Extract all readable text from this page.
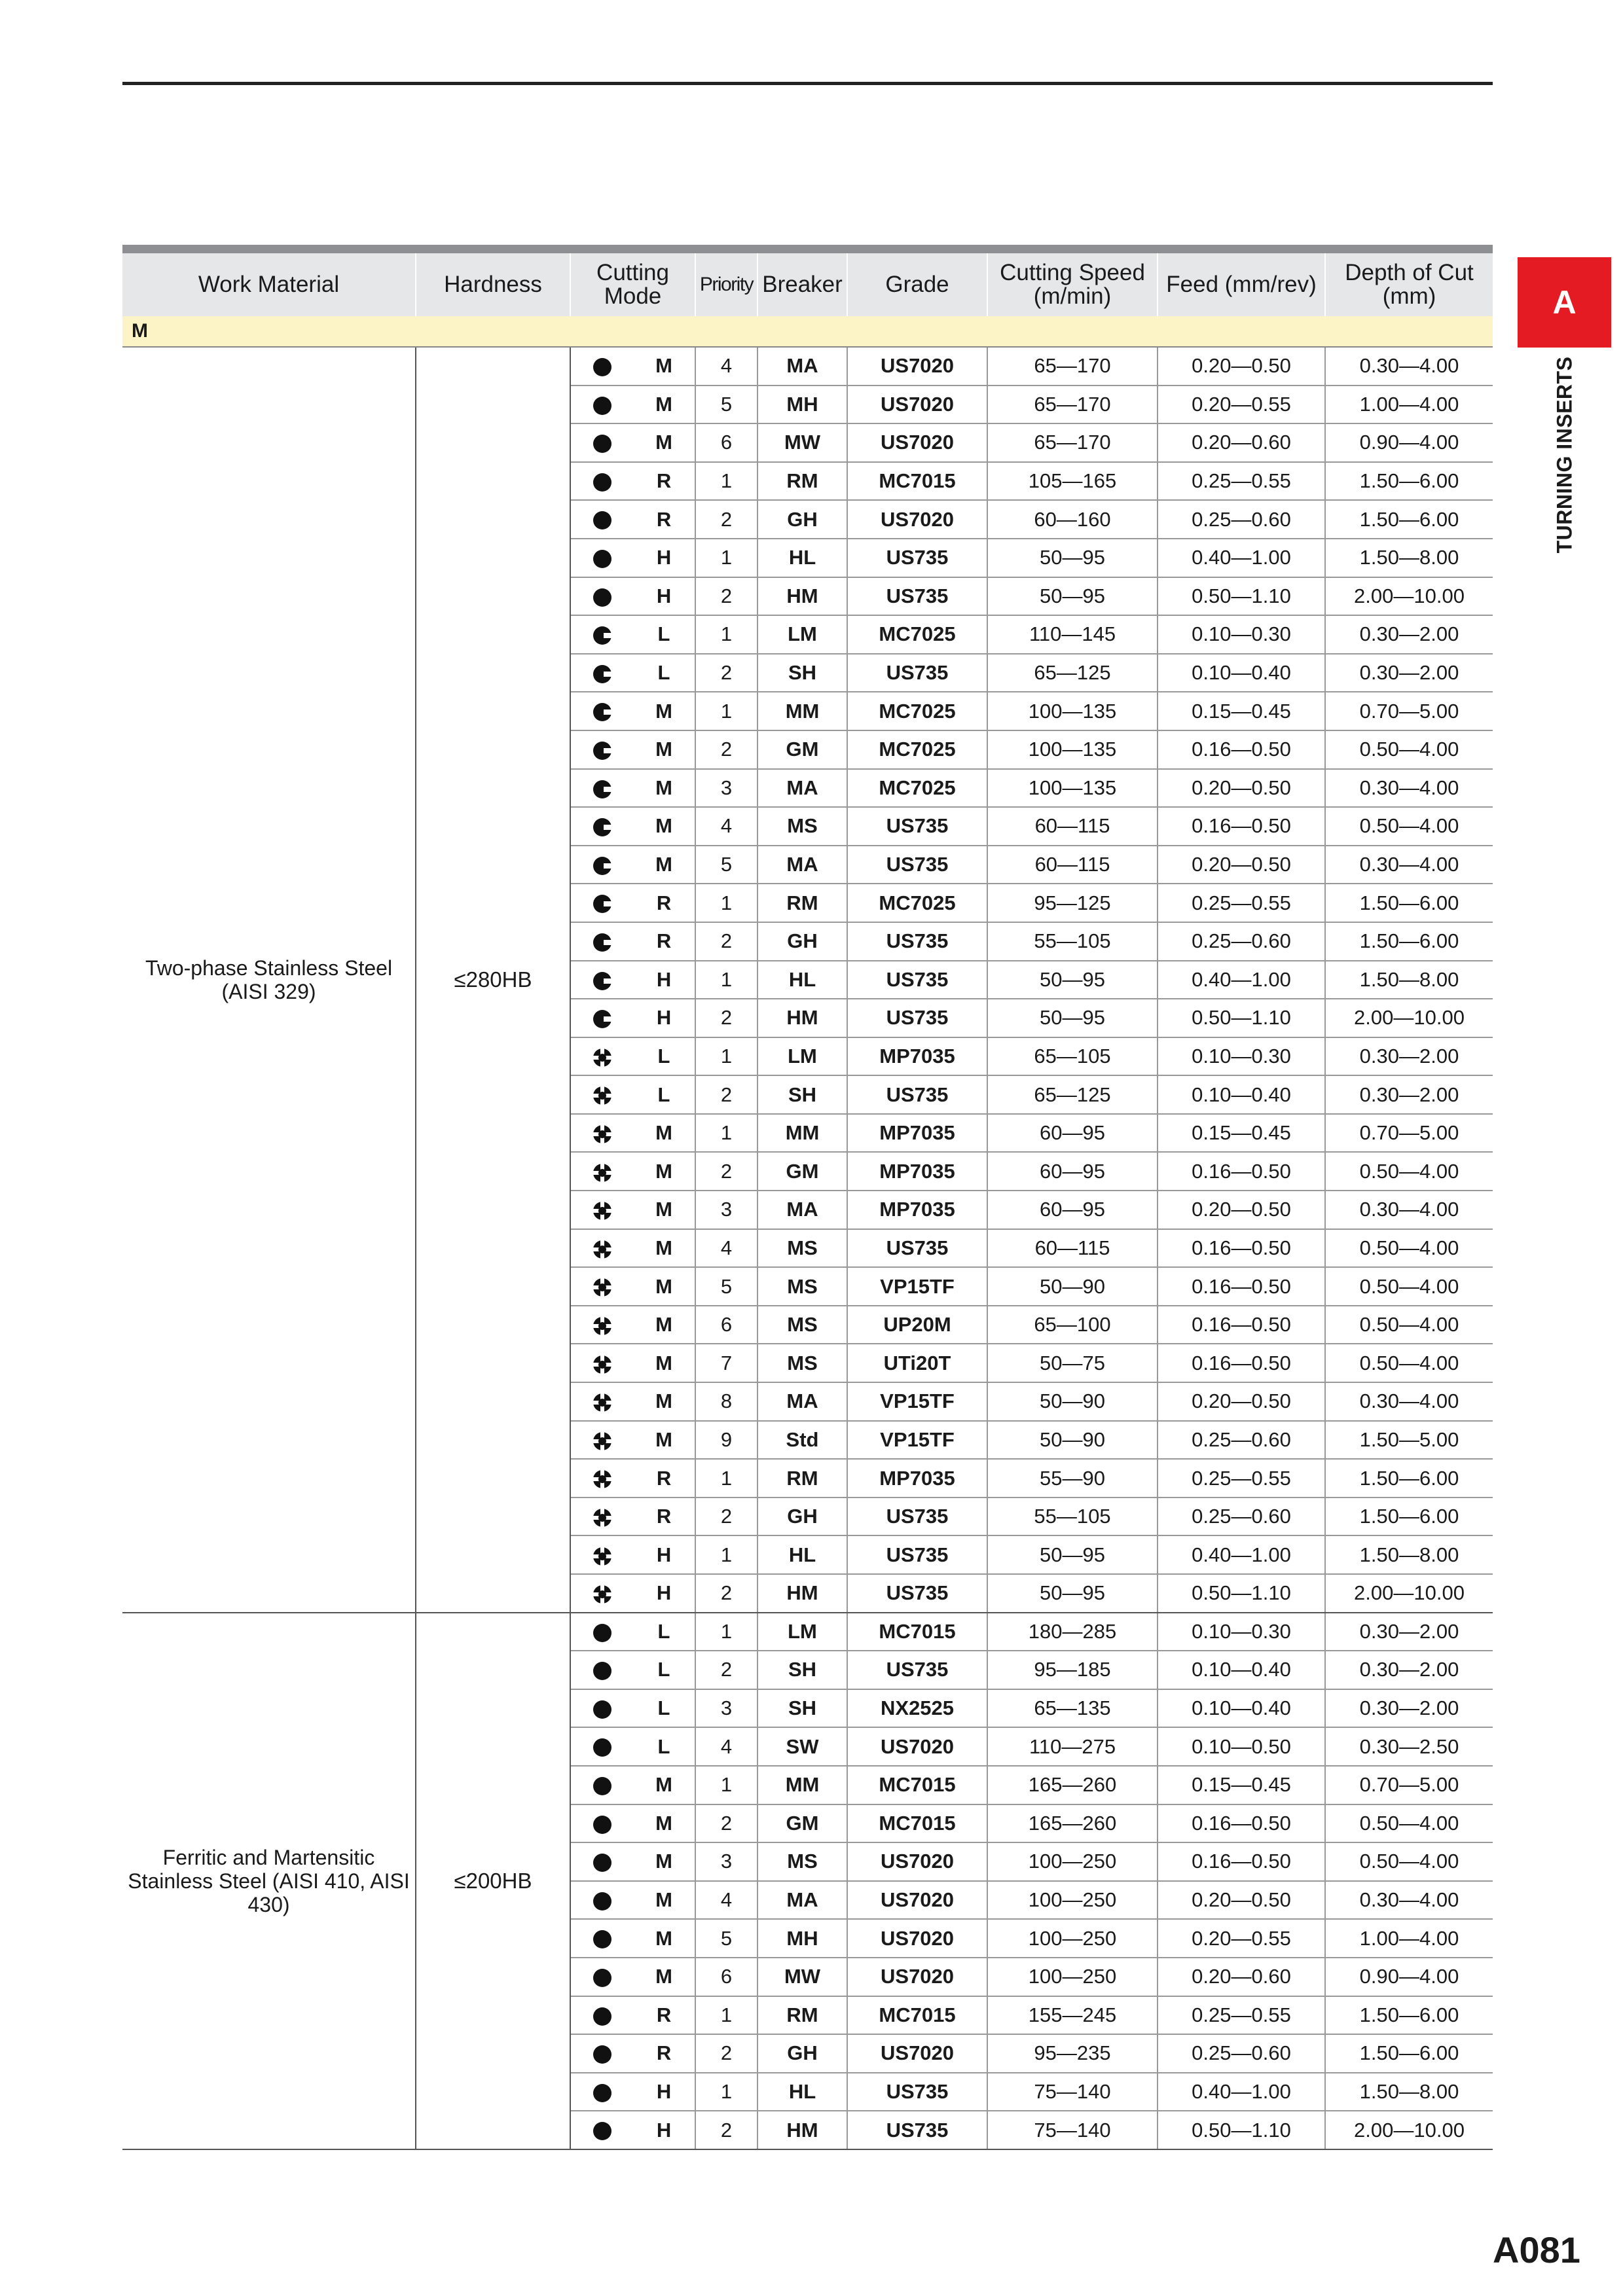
A
TURNING INSERTS
Work Material	Hardness	Cutting Mode		Priority	Breaker	Grade	Cutting Speed (m/min)	Feed (mm/rev)	Depth of Cut (mm)
M									
Two-phase Stainless Steel (AISI 329)	≤280HB		M	4	MA	US7020	65—170	0.20—0.50	0.30—4.00

	M	5	MH	US7020	65—170	0.20—0.55	1.00—4.00

	M	6	MW	US7020	65—170	0.20—0.60	0.90—4.00

	R	1	RM	MC7015	105—165	0.25—0.55	1.50—6.00

	R	2	GH	US7020	60—160	0.25—0.60	1.50—6.00

	H	1	HL	US735	50—95	0.40—1.00	1.50—8.00

	H	2	HM	US735	50—95	0.50—1.10	2.00—10.00

	L	1	LM	MC7025	110—145	0.10—0.30	0.30—2.00

	L	2	SH	US735	65—125	0.10—0.40	0.30—2.00

	M	1	MM	MC7025	100—135	0.15—0.45	0.70—5.00

	M	2	GM	MC7025	100—135	0.16—0.50	0.50—4.00

	M	3	MA	MC7025	100—135	0.20—0.50	0.30—4.00

	M	4	MS	US735	60—115	0.16—0.50	0.50—4.00

	M	5	MA	US735	60—115	0.20—0.50	0.30—4.00

	R	1	RM	MC7025	95—125	0.25—0.55	1.50—6.00

	R	2	GH	US735	55—105	0.25—0.60	1.50—6.00

	H	1	HL	US735	50—95	0.40—1.00	1.50—8.00

	H	2	HM	US735	50—95	0.50—1.10	2.00—10.00

	L	1	LM	MP7035	65—105	0.10—0.30	0.30—2.00

	L	2	SH	US735	65—125	0.10—0.40	0.30—2.00

	M	1	MM	MP7035	60—95	0.15—0.45	0.70—5.00

	M	2	GM	MP7035	60—95	0.16—0.50	0.50—4.00

	M	3	MA	MP7035	60—95	0.20—0.50	0.30—4.00

	M	4	MS	US735	60—115	0.16—0.50	0.50—4.00

	M	5	MS	VP15TF	50—90	0.16—0.50	0.50—4.00

	M	6	MS	UP20M	65—100	0.16—0.50	0.50—4.00

	M	7	MS	UTi20T	50—75	0.16—0.50	0.50—4.00

	M	8	MA	VP15TF	50—90	0.20—0.50	0.30—4.00

	M	9	Std	VP15TF	50—90	0.25—0.60	1.50—5.00

	R	1	RM	MP7035	55—90	0.25—0.55	1.50—6.00

	R	2	GH	US735	55—105	0.25—0.60	1.50—6.00

	H	1	HL	US735	50—95	0.40—1.00	1.50—8.00

	H	2	HM	US735	50—95	0.50—1.10	2.00—10.00
Ferritic and Martensitic Stainless Steel (AISI 410, AISI 430)	≤200HB		L	1	LM	MC7015	180—285	0.10—0.30	0.30—2.00

	L	2	SH	US735	95—185	0.10—0.40	0.30—2.00

	L	3	SH	NX2525	65—135	0.10—0.40	0.30—2.00

	L	4	SW	US7020	110—275	0.10—0.50	0.30—2.50

	M	1	MM	MC7015	165—260	0.15—0.45	0.70—5.00

	M	2	GM	MC7015	165—260	0.16—0.50	0.50—4.00

	M	3	MS	US7020	100—250	0.16—0.50	0.50—4.00

	M	4	MA	US7020	100—250	0.20—0.50	0.30—4.00

	M	5	MH	US7020	100—250	0.20—0.55	1.00—4.00

	M	6	MW	US7020	100—250	0.20—0.60	0.90—4.00

	R	1	RM	MC7015	155—245	0.25—0.55	1.50—6.00

	R	2	GH	US7020	95—235	0.25—0.60	1.50—6.00

	H	1	HL	US735	75—140	0.40—1.00	1.50—8.00

	H	2	HM	US735	75—140	0.50—1.10	2.00—10.00
A081
